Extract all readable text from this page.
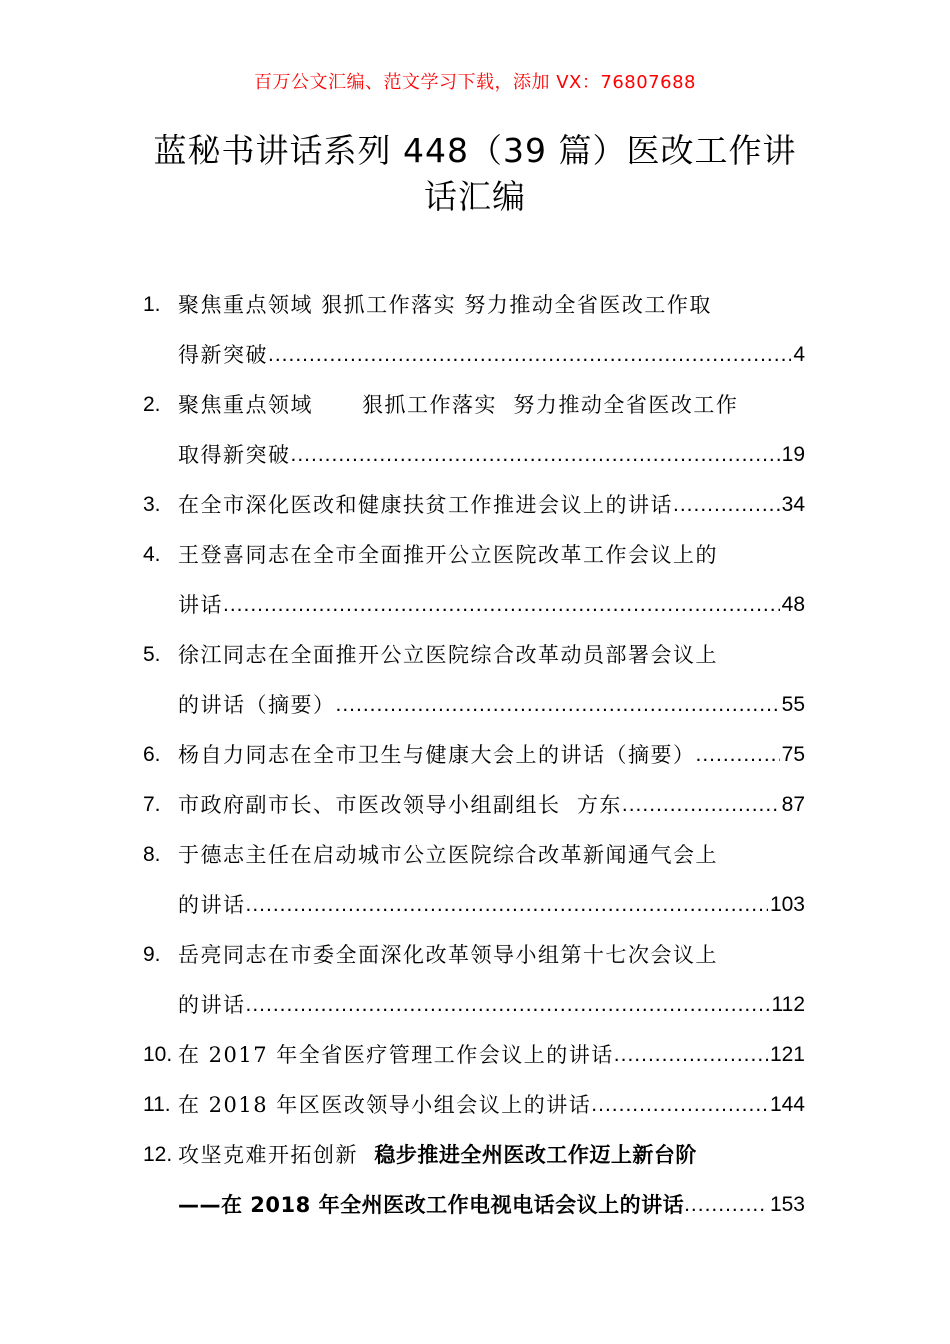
百万公文汇编、范文学习下载，添加 VX：76807688
蓝秘书讲话系列 448（39 篇）医改工作讲话汇编
1. 聚焦重点领域 狠抓工作落实 努力推动全省医改工作取
得新突破 .....	4
2. 聚焦重点领域      狠抓工作落实  努力推动全省医改工作
取得新突破 .....	19
3. 在全市深化医改和健康扶贫工作推进会议上的讲话 .....	34
4. 王登喜同志在全市全面推开公立医院改革工作会议上的
讲话 .....	48
5. 徐江同志在全面推开公立医院综合改革动员部署会议上
的讲话（摘要） .....	55
6. 杨自力同志在全市卫生与健康大会上的讲话（摘要） .....	75
7. 市政府副市长、市医改领导小组副组长  方东 .....	87
8. 于德志主任在启动城市公立医院综合改革新闻通气会上
的讲话 .....	103
9. 岳亮同志在市委全面深化改革领导小组第十七次会议上
的讲话 .....	112
10. 在 2017 年全省医疗管理工作会议上的讲话 .....	121
11. 在 2018 年区医改领导小组会议上的讲话 .....	144
12. 攻坚克难开拓创新 稳步推进全州医改工作迈上新台阶
——在 2018 年全州医改工作电视电话会议上的讲话 .....	153
